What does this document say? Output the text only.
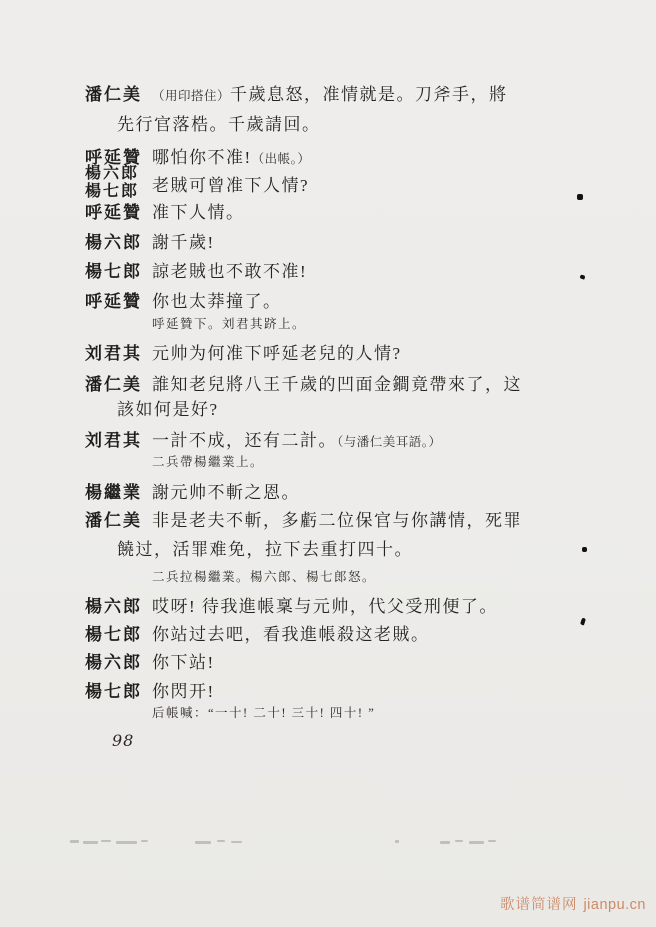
潘仁美 （用印搭住）千歲息怒，准情就是。刀斧手，將
先行官落梏。千歲請回。
呼延贊 哪怕你不准!（出帳。）
楊六郎
楊七郎 老賊可曾准下人情?
呼延贊 准下人情。
楊六郎 謝千歲!
楊七郎 諒老賊也不敢不准!
呼延贊 你也太莽撞了。
呼延贊下。刘君其跻上。
刘君其 元帅为何准下呼延老兒的人情?
潘仁美 誰知老兒將八王千歲的凹面金鐧竟帶來了，这
該如何是好?
刘君其 一計不成，还有二計。（与潘仁美耳語。）
二兵帶楊繼業上。
楊繼業 謝元帅不斬之恩。
潘仁美 非是老夫不斬，多虧二位保官与你講情，死罪
饒过，活罪难免，拉下去重打四十。
二兵拉楊繼業。楊六郎、楊七郎怒。
楊六郎 哎呀! 待我進帳稟与元帅，代父受刑便了。
楊七郎 你站过去吧，看我進帳殺这老賊。
楊六郎 你下站!
楊七郎 你閃开!
后帳喊：“一十! 二十! 三十! 四十! ”
98
歌谱简谱网 jianpu.cn
